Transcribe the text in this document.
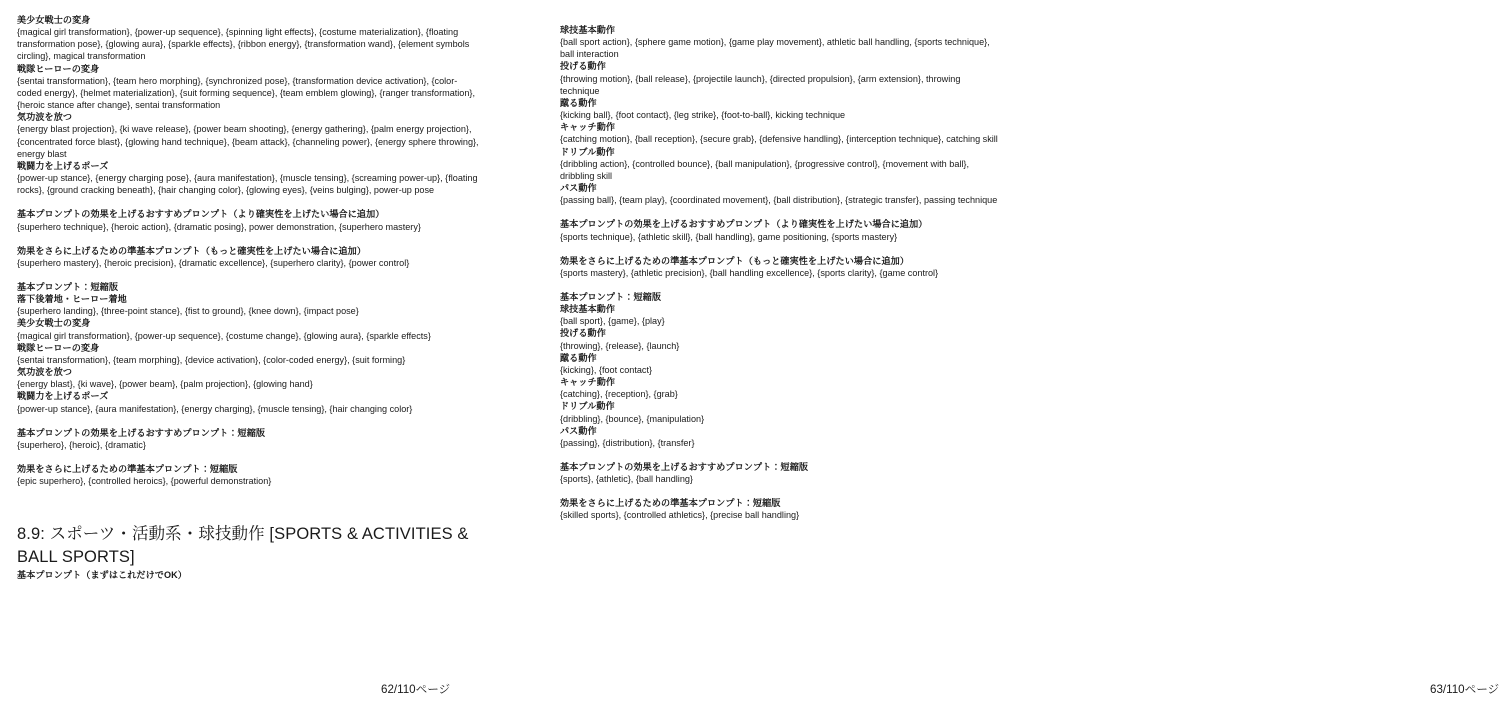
美少女戦士の変身
{magical girl transformation}, {power-up sequence}, {spinning light effects}, {costume materialization}, {floating transformation pose}, {glowing aura}, {sparkle effects}, {ribbon energy}, {transformation wand}, {element symbols circling}, magical transformation
戦隊ヒーローの変身
{sentai transformation}, {team hero morphing}, {synchronized pose}, {transformation device activation}, {color-coded energy}, {helmet materialization}, {suit forming sequence}, {team emblem glowing}, {ranger transformation}, {heroic stance after change}, sentai transformation
気功波を放つ
{energy blast projection}, {ki wave release}, {power beam shooting}, {energy gathering}, {palm energy projection}, {concentrated force blast}, {glowing hand technique}, {beam attack}, {channeling power}, {energy sphere throwing}, energy blast
戦闘力を上げるポーズ
{power-up stance}, {energy charging pose}, {aura manifestation}, {muscle tensing}, {screaming power-up}, {floating rocks}, {ground cracking beneath}, {hair changing color}, {glowing eyes}, {veins bulging}, power-up pose
基本プロンプトの効果を上げるおすすめプロンプト（より確実性を上げたい場合に追加）
{superhero technique}, {heroic action}, {dramatic posing}, power demonstration, {superhero mastery}
効果をさらに上げるための準基本プロンプト（もっと確実性を上げたい場合に追加）
{superhero mastery}, {heroic precision}, {dramatic excellence}, {superhero clarity}, {power control}
基本プロンプト：短縮版
落下後着地・ヒーロー着地
{superhero landing}, {three-point stance}, {fist to ground}, {knee down}, {impact pose}
美少女戦士の変身
{magical girl transformation}, {power-up sequence}, {costume change}, {glowing aura}, {sparkle effects}
戦隊ヒーローの変身
{sentai transformation}, {team morphing}, {device activation}, {color-coded energy}, {suit forming}
気功波を放つ
{energy blast}, {ki wave}, {power beam}, {palm projection}, {glowing hand}
戦闘力を上げるポーズ
{power-up stance}, {aura manifestation}, {energy charging}, {muscle tensing}, {hair changing color}
基本プロンプトの効果を上げるおすすめプロンプト：短縮版
{superhero}, {heroic}, {dramatic}
効果をさらに上げるための準基本プロンプト：短縮版
{epic superhero}, {controlled heroics}, {powerful demonstration}
8.9: スポーツ・活動系・球技動作 [SPORTS & ACTIVITIES & BALL SPORTS]
基本プロンプト（まずはこれだけでOK）
62/110ページ
球技基本動作
{ball sport action}, {sphere game motion}, {game play movement}, athletic ball handling, {sports technique}, ball interaction
投げる動作
{throwing motion}, {ball release}, {projectile launch}, {directed propulsion}, {arm extension}, throwing technique
蹴る動作
{kicking ball}, {foot contact}, {leg strike}, {foot-to-ball}, kicking technique
キャッチ動作
{catching motion}, {ball reception}, {secure grab}, {defensive handling}, {interception technique}, catching skill
ドリブル動作
{dribbling action}, {controlled bounce}, {ball manipulation}, {progressive control}, {movement with ball}, dribbling skill
パス動作
{passing ball}, {team play}, {coordinated movement}, {ball distribution}, {strategic transfer}, passing technique
基本プロンプトの効果を上げるおすすめプロンプト（より確実性を上げたい場合に追加）
{sports technique}, {athletic skill}, {ball handling}, game positioning, {sports mastery}
効果をさらに上げるための準基本プロンプト（もっと確実性を上げたい場合に追加）
{sports mastery}, {athletic precision}, {ball handling excellence}, {sports clarity}, {game control}
基本プロンプト：短縮版
球技基本動作
{ball sport}, {game}, {play}
投げる動作
{throwing}, {release}, {launch}
蹴る動作
{kicking}, {foot contact}
キャッチ動作
{catching}, {reception}, {grab}
ドリブル動作
{dribbling}, {bounce}, {manipulation}
パス動作
{passing}, {distribution}, {transfer}
基本プロンプトの効果を上げるおすすめプロンプト：短縮版
{sports}, {athletic}, {ball handling}
効果をさらに上げるための準基本プロンプト：短縮版
{skilled sports}, {controlled athletics}, {precise ball handling}
63/110ページ
